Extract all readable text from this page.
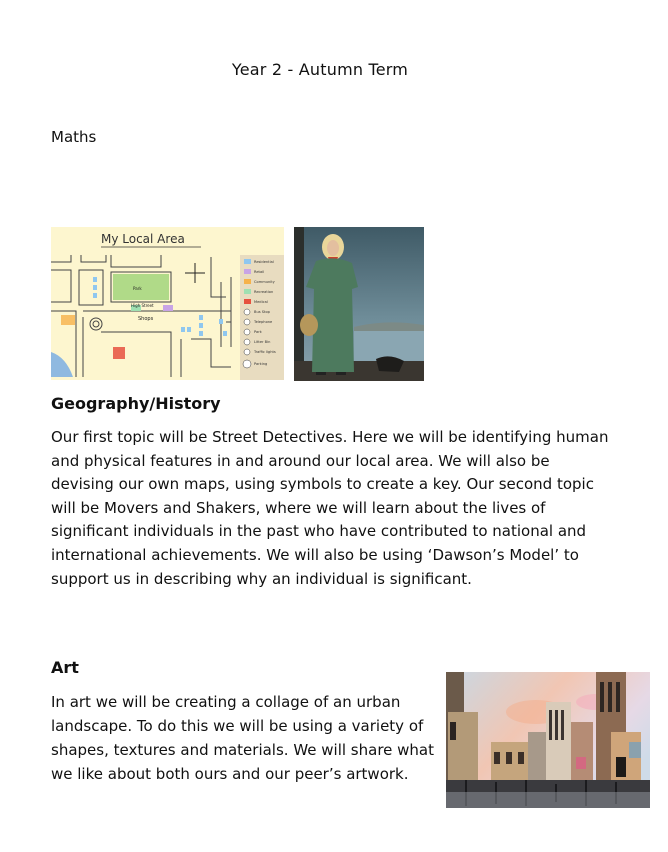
Year 2 - Autumn Term
Maths
My Local Area
Park
Shops
High Street
Residential
Retail
Community
Recreation
Medical
Bus Stop
Telephone
Park
Litter Bin
Traffic lights
Parking
Geography/History
Our first topic will be Street Detectives. Here we will be identifying human and physical features in and around our local area. We will also be devising our own maps, using symbols to create a key. Our second topic will be Movers and Shakers, where we will learn about the lives of significant individuals in the past who have contributed to national and international achievements. We will also be using ‘Dawson’s Model’ to support us in describing why an individual is significant.
Art
In art we will be creating a collage of an urban landscape. To do this we will be using a variety of shapes, textures and materials. We will share what we like about both ours and our peer’s artwork.
